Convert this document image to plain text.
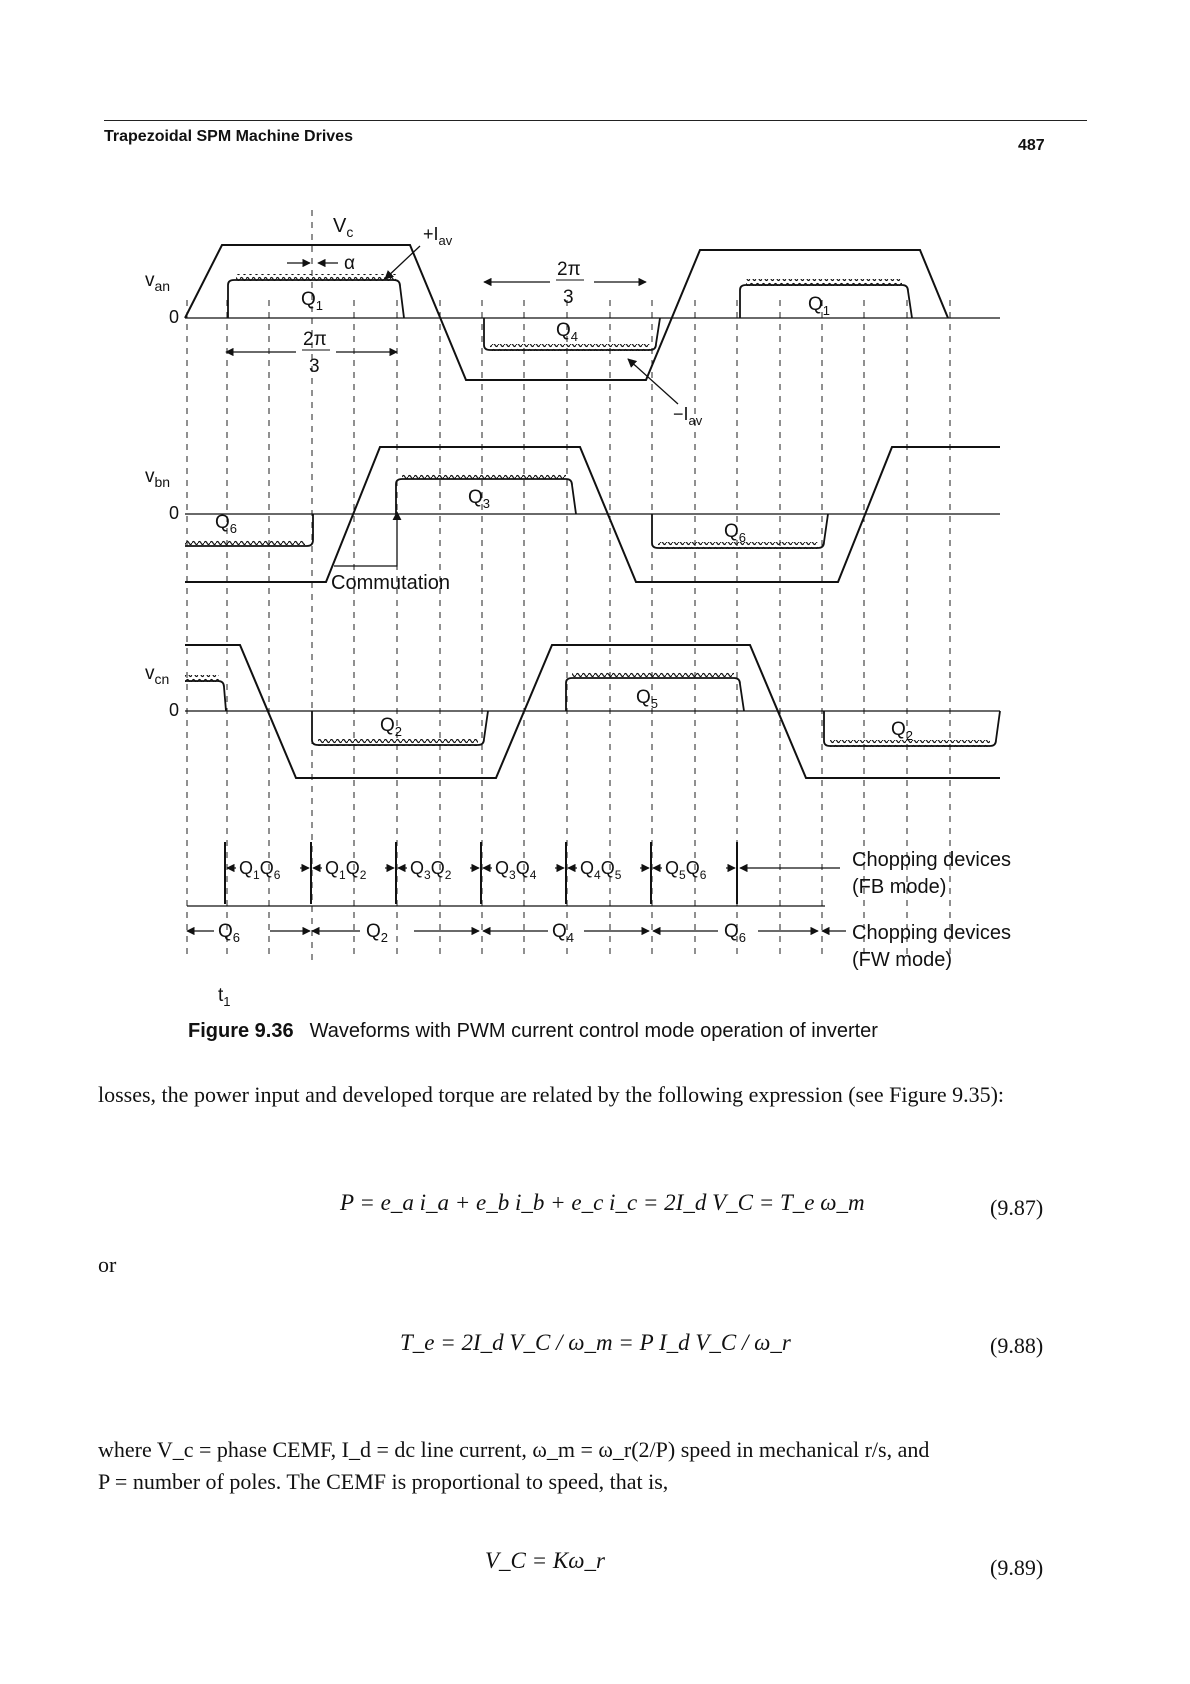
Trapezoidal SPM Machine Drives
487
$v_{an}$
0
$V_c$	$+I_{av}$
α
$Q_1$
2π
3
2π
3
$Q_4$
$Q_1$
$-I_{av}$
$v_{bn}$
0 $Q_6$
$Q_3$
$Q_6$
Commutation
$v_{cn}$
0
$Q_2$
$Q_5$
$Q_2$
$Q_1Q_6$ $Q_1Q_2$ $Q_3Q_2$ $Q_3Q_4$ $Q_4Q_5$ $Q_5Q_6$
Chopping devices
(FB mode)
$Q_6$	$Q_2$	$Q_4$	$Q_6$	Chopping devices
(FW mode)
$t_1$
Figure 9.36 Waveforms with PWM current control mode operation of inverter
losses, the power input and developed torque are related by the following expression (see Figure 9.35):
P = e_a i_a + e_b i_b + e_c i_c = 2I_d V_C = T_e ω_m	(9.87)
or
T_e = 2I_d V_C / ω_m = P I_d V_C / ω_r	(9.88)
where V_c = phase CEMF, I_d = dc line current, ω_m = ω_r(2/P) speed in mechanical r/s, and
P = number of poles. The CEMF is proportional to speed, that is,
V_C = Kω_r	(9.89)
